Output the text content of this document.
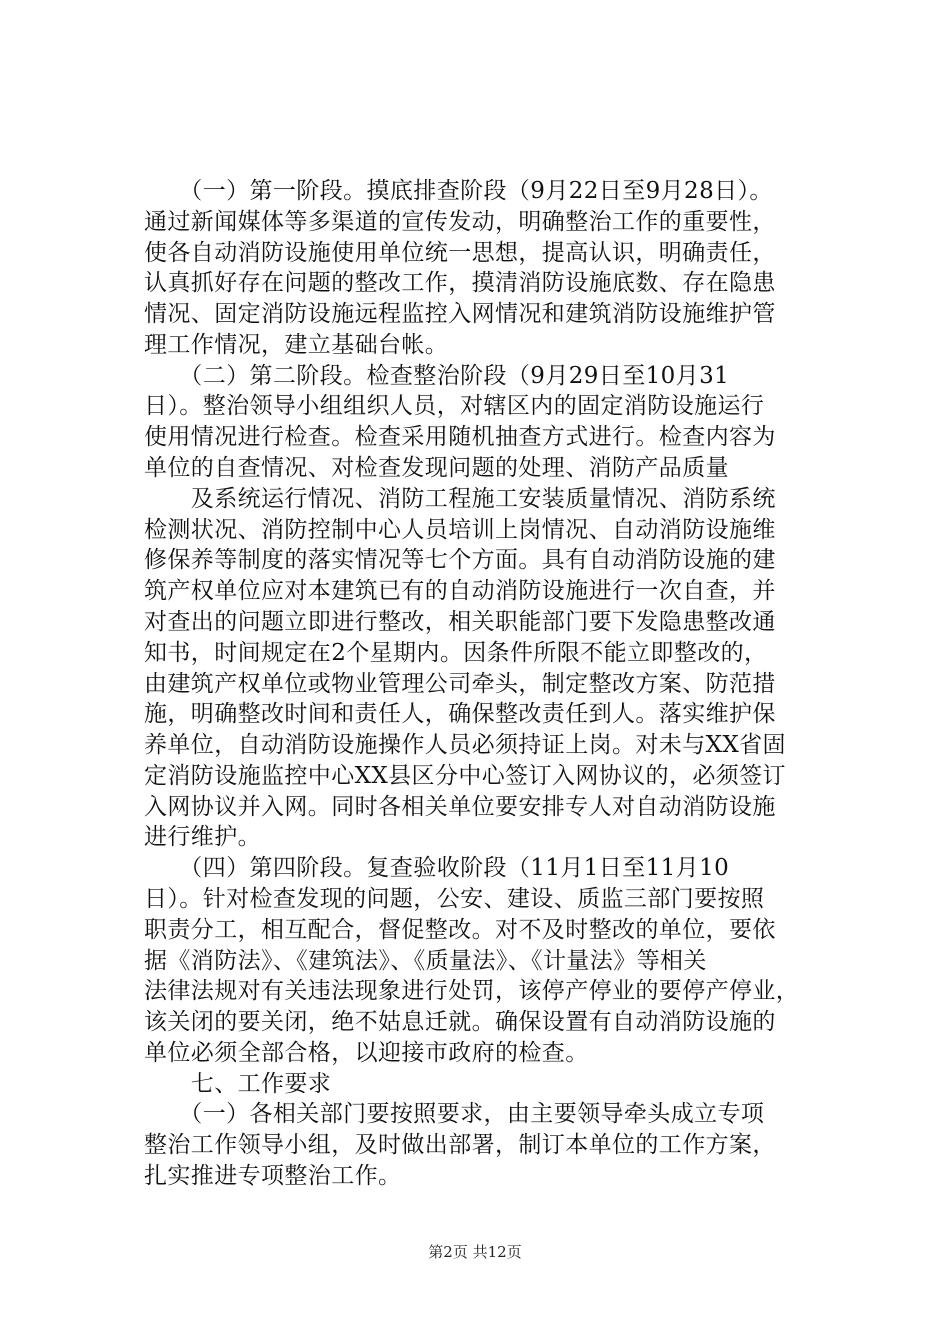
　　（一）第一阶段。摸底排查阶段（9月22日至9月28日）。
通过新闻媒体等多渠道的宣传发动，明确整治工作的重要性，
使各自动消防设施使用单位统一思想，提高认识，明确责任，
认真抓好存在问题的整改工作，摸清消防设施底数、存在隐患
情况、固定消防设施远程监控入网情况和建筑消防设施维护管
理工作情况，建立基础台帐。
　　（二）第二阶段。检查整治阶段（9月29日至10月31
日）。整治领导小组组织人员，对辖区内的固定消防设施运行
使用情况进行检查。检查采用随机抽查方式进行。检查内容为
单位的自查情况、对检查发现问题的处理、消防产品质量
　　及系统运行情况、消防工程施工安装质量情况、消防系统
检测状况、消防控制中心人员培训上岗情况、自动消防设施维
修保养等制度的落实情况等七个方面。具有自动消防设施的建
筑产权单位应对本建筑已有的自动消防设施进行一次自查，并
对查出的问题立即进行整改，相关职能部门要下发隐患整改通
知书，时间规定在2个星期内。因条件所限不能立即整改的，
由建筑产权单位或物业管理公司牵头，制定整改方案、防范措
施，明确整改时间和责任人，确保整改责任到人。落实维护保
养单位，自动消防设施操作人员必须持证上岗。对未与XX省固
定消防设施监控中心XX县区分中心签订入网协议的，必须签订
入网协议并入网。同时各相关单位要安排专人对自动消防设施
进行维护。
　　（四）第四阶段。复查验收阶段（11月1日至11月10
日）。针对检查发现的问题，公安、建设、质监三部门要按照
职责分工，相互配合，督促整改。对不及时整改的单位，要依
据《消防法》、《建筑法》、《质量法》、《计量法》等相关
法律法规对有关违法现象进行处罚，该停产停业的要停产停业，
该关闭的要关闭，绝不姑息迁就。确保设置有自动消防设施的
单位必须全部合格，以迎接市政府的检查。
　　七、工作要求
　　（一）各相关部门要按照要求，由主要领导牵头成立专项
整治工作领导小组，及时做出部署，制订本单位的工作方案，
扎实推进专项整治工作。
第2页 共12页
